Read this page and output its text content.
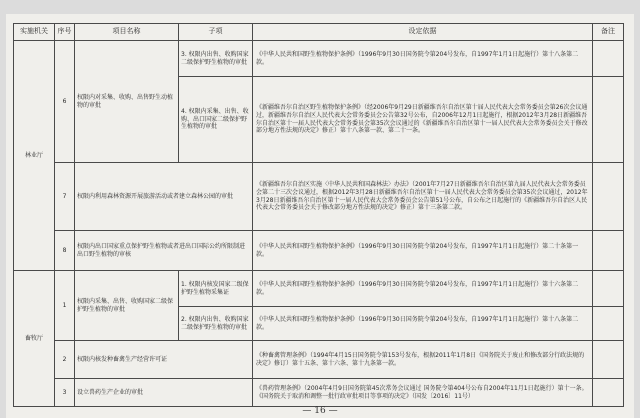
实施机关	序号	项目名称	子项	设定依据	备注
林业厅	6	权限内对采集、收购、出售野生动植物的审批	3. 权限内出售、收购国家二级保护野生植物的审批	《中华人民共和国野生植物保护条例》（1996年9月30日国务院令第204号发布，自1997年1月1日起施行）第十八条第二款。	
			4. 权限内采集、出售、收购、出口国家二级保护野生植物的审批	《新疆维吾尔自治区野生植物保护条例》（经2006年9月29日新疆维吾尔自治区第十届人民代表大会常务委员会第26次会议通过，新疆维吾尔自治区人民代表大会常务委员会公告第32号公布，自2006年12月1日起施行，根据2012年3月28日新疆维吾尔自治区第十一届人民代表大会常务委员会第35次会议通过的《新疆维吾尔自治区第十一届人民代表大会常务委员会关于修改部分地方性法规的决定》修正）第十八条第一款、第二十一条。	
	7	权限内利用森林资源开展旅游活动或者建立森林公园的审批		《新疆维吾尔自治区实施〈中华人民共和国森林法〉办法》（2001年7月27日新疆维吾尔自治区第九届人民代表大会常务委员会第二十三次会议通过，根据2012年3月28日新疆维吾尔自治区第十一届人民代表大会常务委员会第35次会议通过，2012年3月28日新疆维吾尔自治区第十一届人民代表大会常务委员会公告第51号公布，自公布之日起施行的《新疆维吾尔自治区人民代表大会常务委员会关于修改部分地方性法规的决定》修正）第十三条第二款。	
	8	权限内出口国家重点保护野生植物或者进出口国际公约所限制进出口野生植物的审核		《中华人民共和国野生植物保护条例》（1996年9月30日国务院令第204号发布，自1997年1月1日起施行）第二十条第一款。	
畜牧厅	1	权限内采集、出售、收购国家二级保护野生植物的审批	1. 权限内核发国家二级保护野生植物采集证	《中华人民共和国野生植物保护条例》（1996年9月30日国务院令第204号发布，自1997年1月1日起施行）第十六条第二款。	
			2. 权限内出售、收购国家二级保护野生植物的审批	《中华人民共和国野生植物保护条例》（1996年9月30日国务院令第204号发布，自1997年1月1日起施行）第十八条第二款。	
	2	权限内核发种畜禽生产经营许可证		《种畜禽管理条例》（1994年4月15日国务院令第153号发布，根据2011年1月8日《国务院关于废止和修改部分行政法规的决定》修订）第十五条、第十六条、第十九条第一款。	
	3	设立兽药生产企业的审批		《兽药管理条例》（2004年4月9日国务院第45次常务会议通过 国务院令第404号公布自2004年11月1日起施行）第十一条。《国务院关于取消和调整一批行政审批项目等事项的决定》（国发〔2016〕11号）	
— 16 —
